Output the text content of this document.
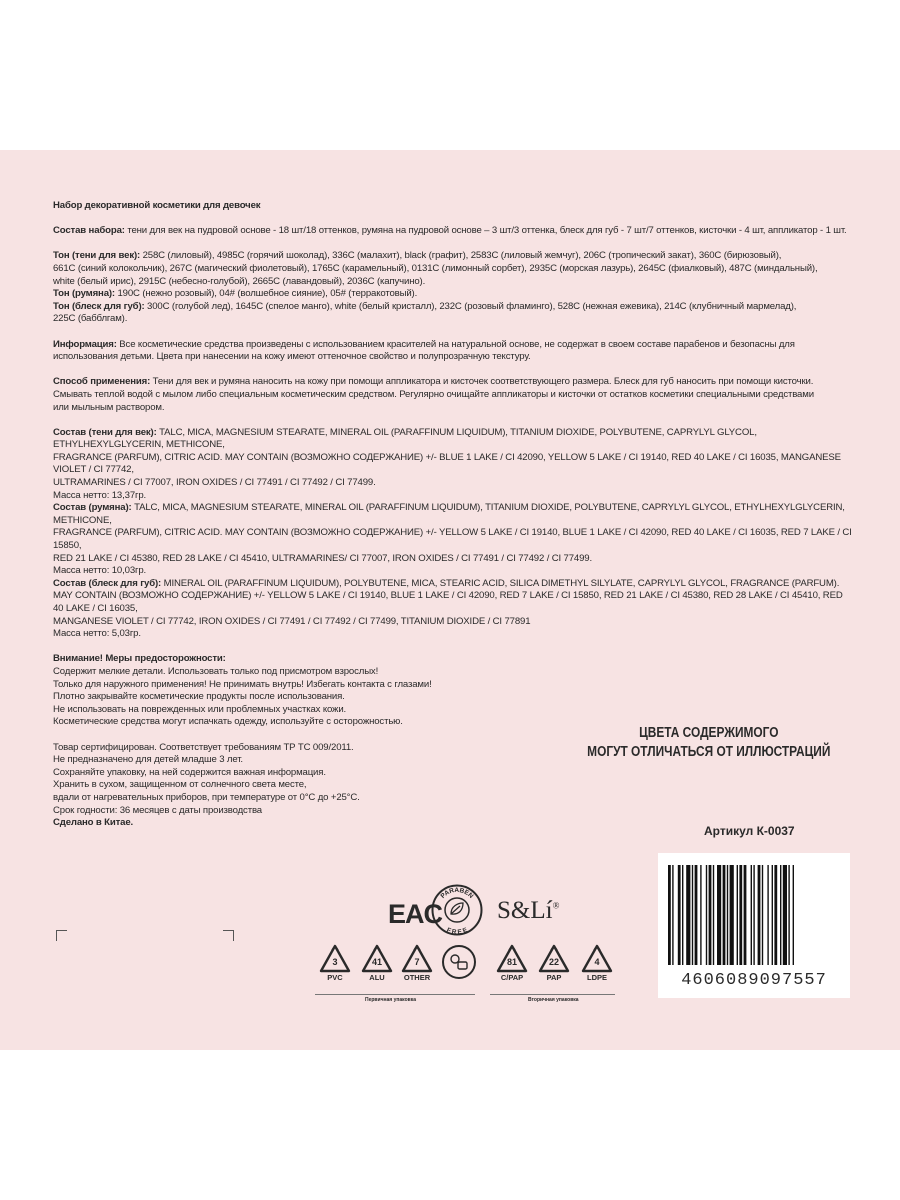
Набор декоративной косметики для девочек

Состав набора: тени для век на пудровой основе - 18 шт/18 оттенков, румяна на пудровой основе – 3 шт/3 оттенка, блеск для губ - 7 шт/7 оттенков, кисточки - 4 шт, аппликатор - 1 шт.

Тон (тени для век): 258С (лиловый), 4985С (горячий шоколад), 336С (малахит), black (графит), 2583С (лиловый жемчуг), 206С (тропический закат), 360С (бирюзовый),

661С (синий колокольчик), 267С (магический фиолетовый), 1765С (карамельный), 0131С (лимонный сорбет), 2935С (морская лазурь), 2645С (фиалковый), 487С (миндальный),

white (белый ирис), 2915С (небесно-голубой), 2665С (лавандовый), 2036С (капучино).

Тон (румяна): 190С (нежно розовый), 04# (волшебное сияние), 05# (терракотовый).

Тон (блеск для губ): 300С (голубой лед), 1645С (спелое манго), white (белый кристалл), 232С (розовый фламинго), 528С (нежная ежевика), 214С (клубничный мармелад),

225С (бабблгам).

Информация: Все косметические средства произведены с использованием красителей на натуральной основе, не содержат в своем составе парабенов и безопасны для

использования детьми. Цвета при нанесении на кожу имеют оттеночное свойство и полупрозрачную текстуру.

Способ применения: Тени для век и румяна наносить на кожу при помощи аппликатора и кисточек соответствующего размера. Блеск для губ наносить при помощи кисточки.

Смывать теплой водой с мылом либо специальным косметическим средством. Регулярно очищайте аппликаторы и кисточки от остатков косметики специальными средствами

или мыльным раствором.

Состав (тени для век): TALC, MICA, MAGNESIUM STEARATE, MINERAL OIL (PARAFFINUM LIQUIDUM), TITANIUM DIOXIDE, POLYBUTENE, CAPRYLYL GLYCOL, ETHYLHEXYLGLYCERIN, METHICONE,

FRAGRANCE (PARFUM), CITRIC ACID. MAY CONTAIN (ВОЗМОЖНО СОДЕРЖАНИЕ) +/- BLUE 1 LAKE / CI 42090, YELLOW 5 LAKE / CI 19140, RED 40 LAKE / CI 16035, MANGANESE VIOLET / CI 77742,

ULTRAMARINES / CI 77007, IRON OXIDES / CI 77491 / CI 77492 / CI 77499.

Масса нетто: 13,37гр.

Состав (румяна): TALC, MICA, MAGNESIUM STEARATE, MINERAL OIL (PARAFFINUM LIQUIDUM), TITANIUM DIOXIDE, POLYBUTENE, CAPRYLYL GLYCOL, ETHYLHEXYLGLYCERIN, METHICONE,

FRAGRANCE (PARFUM), CITRIC ACID. MAY CONTAIN (ВОЗМОЖНО СОДЕРЖАНИЕ) +/- YELLOW 5 LAKE / CI 19140, BLUE 1 LAKE / CI 42090, RED 40 LAKE / CI 16035, RED 7 LAKE / CI 15850,

RED 21 LAKE / CI 45380, RED 28 LAKE / CI 45410, ULTRAMARINES/ CI 77007, IRON OXIDES / CI 77491 / CI 77492 / CI 77499.

Масса нетто: 10,03гр.

Состав (блеск для губ): MINERAL OIL (PARAFFINUM LIQUIDUM), POLYBUTENE, MICA, STEARIC ACID, SILICA DIMETHYL SILYLATE, CAPRYLYL GLYCOL, FRAGRANCE (PARFUM).

MAY CONTAIN (ВОЗМОЖНО СОДЕРЖАНИЕ) +/- YELLOW 5 LAKE / CI 19140, BLUE 1 LAKE / CI 42090, RED 7 LAKE / CI 15850, RED 21 LAKE / CI 45380, RED 28 LAKE / CI 45410, RED 40 LAKE / CI 16035,

MANGANESE VIOLET / CI 77742, IRON OXIDES / CI 77491 / CI 77492 / CI 77499, TITANIUM DIOXIDE / CI 77891

Масса нетто: 5,03гр.

Внимание! Меры предосторожности:

Содержит мелкие детали. Использовать только под присмотром взрослых!

Только для наружного применения! Не принимать внутрь! Избегать контакта с глазами!

Плотно закрывайте косметические продукты после использования.

Не использовать на поврежденных или проблемных участках кожи.

Косметические средства могут испачкать одежду, используйте с осторожностью.

Товар сертифицирован. Соответствует требованиям ТР ТС 009/2011.

Не предназначено для детей младше 3 лет.

Сохраняйте упаковку, на ней содержится важная информация.

Хранить в сухом, защищенном от солнечного света месте,

вдали от нагревательных приборов, при температуре от 0°С до +25°С.

Срок годности: 36 месяцев с даты производства

Сделано в Китае.

ЦВЕТА СОДЕРЖИМОГО
МОГУТ ОТЛИЧАТЬСЯ ОТ ИЛЛЮСТРАЦИЙ
Артикул К-0037
4606089097557
EAC
PARABEN
FREE
S&Lí®
3
PVC
41
ALU
7
OTHER
81
C/PAP
22
PAP
4
LDPE
Первичная упаковка	Вторичная упаковка
